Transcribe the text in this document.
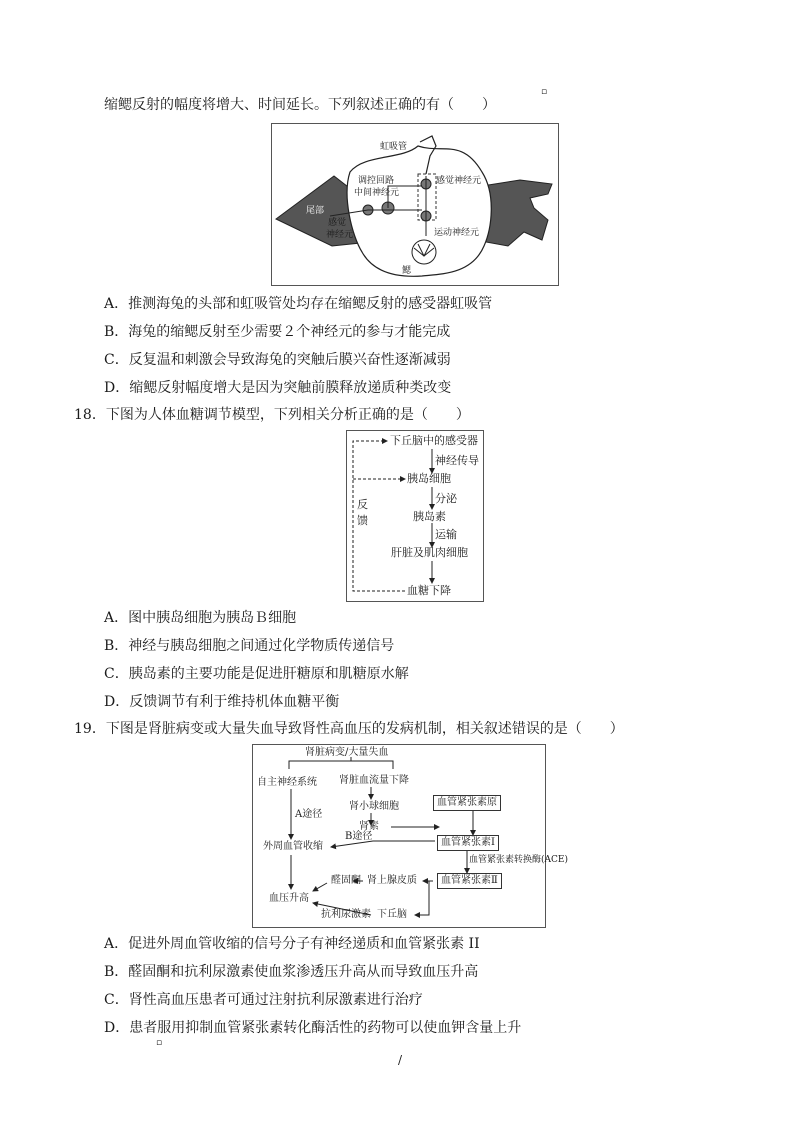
▫
缩鳃反射的幅度将增大、时间延长。下列叙述正确的有（　　）
虹吸管
调控回路
中间神经元
尾部
感觉
神经元
感觉神经元
运动神经元
鳃
A．推测海兔的头部和虹吸管处均存在缩鳃反射的感受器虹吸管
B．海兔的缩鳃反射至少需要２个神经元的参与才能完成
C．反复温和刺激会导致海兔的突触后膜兴奋性逐渐减弱
D．缩鳃反射幅度增大是因为突触前膜释放递质种类改变
18．下图为人体血糖调节模型，下列相关分析正确的是（　　）
下丘脑中的感受器
神经传导
胰岛细胞
分泌
胰岛素
运输
肝脏及肌肉细胞
血糖下降
反
馈
A．图中胰岛细胞为胰岛Ｂ细胞
B．神经与胰岛细胞之间通过化学物质传递信号
C．胰岛素的主要功能是促进肝糖原和肌糖原水解
D．反馈调节有利于维持机体血糖平衡
19．下图是肾脏病变或大量失血导致肾性高血压的发病机制，相关叙述错误的是（　　）
肾脏病变/大量失血
自主神经系统 肾脏血流量下降
肾小球细胞
肾素
血管紧张素原
血管紧张素Ⅰ
血管紧张素转换酶(ACE)
血管紧张素Ⅱ
A途径
B途径
外周血管收缩
醛固酮 肾上腺皮质
血压升高
抗利尿激素 下丘脑
A．促进外周血管收缩的信号分子有神经递质和血管紧张素 II
B．醛固酮和抗利尿激素使血浆渗透压升高从而导致血压升高
C．肾性高血压患者可通过注射抗利尿激素进行治疗
D．患者服用抑制血管紧张素转化酶活性的药物可以使血钾含量上升
▫
/
